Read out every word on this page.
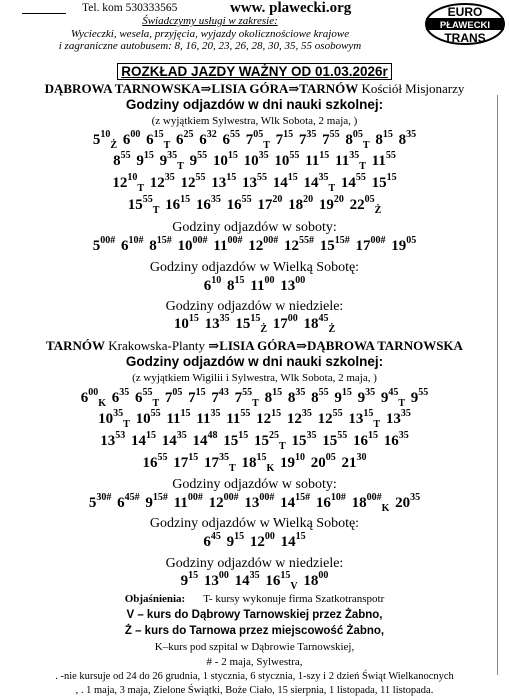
Tel. kom 530333565	www. plawecki.org
Świadczymy usługi w zakresie:
Wycieczki, wesela, przyjęcia, wyjazdy okolicznościowe krajowe
i zagraniczne autobusem: 8, 16, 20, 23, 26, 28, 30, 35, 55 osobowym
EURO
PŁAWECKI
TRANS
ROZKŁAD JAZDY WAŻNY OD 01.03.2026r
DĄBROWA TARNOWSKA⇒LISIA GÓRA⇒TARNÓW Kościół Misjonarzy
Godziny odjazdów w dni nauki szkolnej:
(z wyjątkiem Sylwestra, Wlk Sobota, 2 maja, )
$5^{10}_Ż$ $6^{00}$ $6^{15}_T$ $6^{25}$ $6^{32}$ $6^{55}$ $7^{05}_T$ $7^{15}$ $7^{35}$ $7^{55}$ $8^{05}_T$ $8^{15}$ $8^{35}$
$8^{55}$ $9^{15}$ $9^{35}_T$ $9^{55}$ $10^{15}$ $10^{35}$ $10^{55}$ $11^{15}$ $11^{35}_T$ $11^{55}$
$12^{10}_T$ $12^{35}$ $12^{55}$ $13^{15}$ $13^{55}$ $14^{15}$ $14^{35}_T$ $14^{55}$ $15^{15}$
$15^{55}_T$ $16^{15}$ $16^{35}$ $16^{55}$ $17^{20}$ $18^{20}$ $19^{20}$ $22^{05}_Ż$
Godziny odjazdów w soboty:
$5^{00\#}$ $6^{10\#}$ $8^{15\#}$ $10^{00\#}$ $11^{00\#}$ $12^{00\#}$ $12^{55\#}$ $15^{15\#}$ $17^{00\#}$ $19^{05}$
Godziny odjazdów w Wielką Sobotę:
$6^{10}$ $8^{15}$ $11^{00}$ $13^{00}$
Godziny odjazdów w niedziele:
$10^{15}$ $13^{35}$ $15^{15}_Ż$ $17^{00}$ $18^{45}_Ż$
TARNÓW Krakowska-Planty ⇒LISIA GÓRA⇒DĄBROWA TARNOWSKA
Godziny odjazdów w dni nauki szkolnej:
(z wyjątkiem Wigilii i Sylwestra, Wlk Sobota, 2 maja, )
$6^{00}_K$ $6^{35}$ $6^{55}_T$ $7^{05}$ $7^{15}$ $7^{43}$ $7^{55}_T$ $8^{15}$ $8^{35}$ $8^{55}$ $9^{15}$ $9^{35}$ $9^{45}_T$ $9^{55}$
$10^{35}_T$ $10^{55}$ $11^{15}$ $11^{35}$ $11^{55}$ $12^{15}$ $12^{35}$ $12^{55}$ $13^{15}_T$ $13^{35}$
$13^{53}$ $14^{15}$ $14^{35}$ $14^{48}$ $15^{15}$ $15^{25}_T$ $15^{35}$ $15^{55}$ $16^{15}$ $16^{35}$
$16^{55}$ $17^{15}$ $17^{35}_T$ $18^{15}_K$ $19^{10}$ $20^{05}$ $21^{30}$
Godziny odjazdów w soboty:
$5^{30\#}$ $6^{45\#}$ $9^{15\#}$ $11^{00\#}$ $12^{00\#}$ $13^{00\#}$ $14^{15\#}$ $16^{10\#}$ $18^{00\#}_K$ $20^{35}$
Godziny odjazdów w Wielką Sobotę:
$6^{45}$ $9^{15}$ $12^{00}$ $14^{15}$
Godziny odjazdów w niedziele:
$9^{15}$ $13^{00}$ $14^{35}$ $16^{15}_V$ $18^{00}$
Objaśnienia: T- kursy wykonuje firma Szatkotranspotr
V – kurs do Dąbrowy Tarnowskiej przez Żabno,
Ż – kurs do Tarnowa przez miejscowość Żabno,
K–kurs pod szpital w Dąbrowie Tarnowskiej,
# - 2 maja, Sylwestra,
. -nie kursuje od 24 do 26 grudnia, 1 stycznia, 6 stycznia, 1-szy i 2 dzień Świąt Wielkanocnych
, . 1 maja, 3 maja, Zielone Świątki, Boże Ciało, 15 sierpnia, 1 listopada, 11 listopada.
